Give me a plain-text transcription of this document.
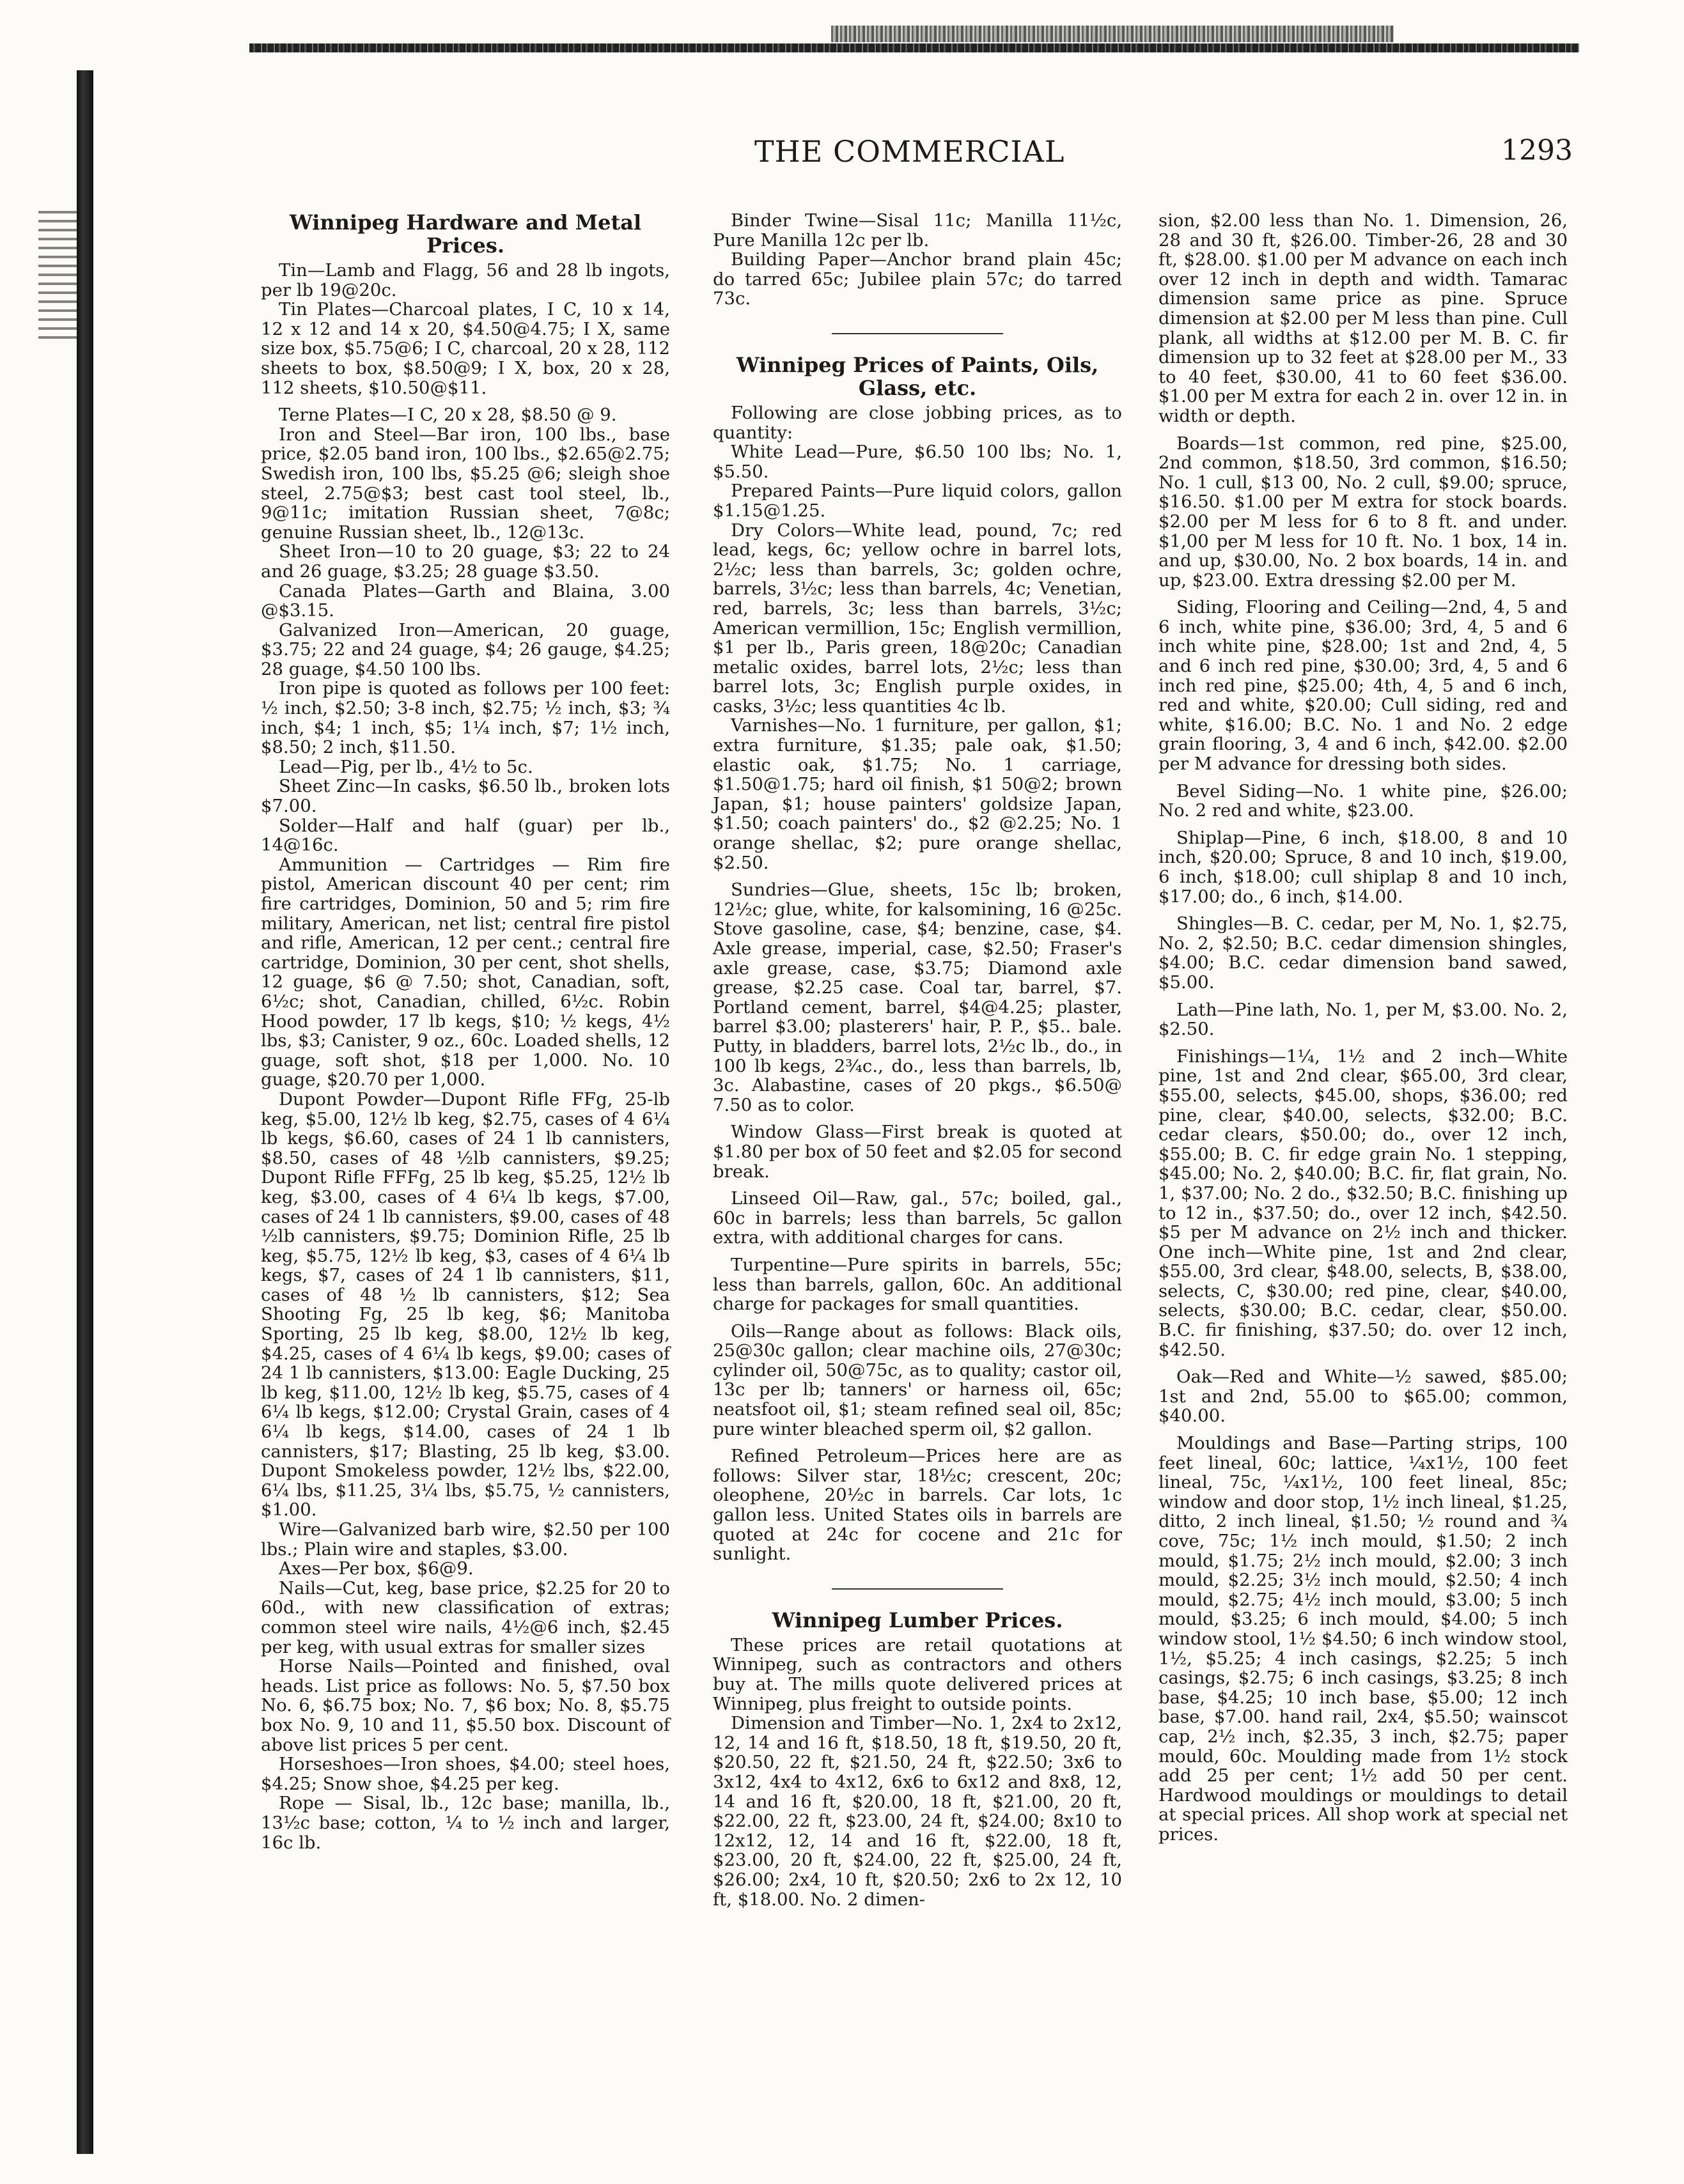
THE COMMERCIAL	1293
Winnipeg Hardware and Metal Prices.

Tin—Lamb and Flagg, 56 and 28 lb ingots, per lb 19@20c.

Tin Plates—Charcoal plates, I C, 10 x 14, 12 x 12 and 14 x 20, $4.50@4.75; I X, same size box, $5.75@6; I C, charcoal, 20 x 28, 112 sheets to box, $8.50@9; I X, box, 20 x 28, 112 sheets, $10.50@$11.

Terne Plates—I C, 20 x 28, $8.50 @ 9.

Iron and Steel—Bar iron, 100 lbs., base price, $2.05 band iron, 100 lbs., $2.65@2.75; Swedish iron, 100 lbs, $5.25 @6; sleigh shoe steel, 2.75@$3; best cast tool steel, lb., 9@11c; imitation Russian sheet, 7@8c; genuine Russian sheet, lb., 12@13c.

Sheet Iron—10 to 20 guage, $3; 22 to 24 and 26 guage, $3.25; 28 guage $3.50.

Canada Plates—Garth and Blaina, 3.00 @$3.15.

Galvanized Iron—American, 20 guage, $3.75; 22 and 24 guage, $4; 26 gauge, $4.25; 28 guage, $4.50 100 lbs.

Iron pipe is quoted as follows per 100 feet: ½ inch, $2.50; 3-8 inch, $2.75; ½ inch, $3; ¾ inch, $4; 1 inch, $5; 1¼ inch, $7; 1½ inch, $8.50; 2 inch, $11.50.

Lead—Pig, per lb., 4½ to 5c.

Sheet Zinc—In casks, $6.50 lb., broken lots $7.00.

Solder—Half and half (guar) per lb., 14@16c.

Ammunition — Cartridges — Rim fire pistol, American discount 40 per cent; rim fire cartridges, Dominion, 50 and 5; rim fire military, American, net list; central fire pistol and rifle, American, 12 per cent.; central fire cartridge, Dominion, 30 per cent, shot shells, 12 guage, $6 @ 7.50; shot, Canadian, soft, 6½c; shot, Canadian, chilled, 6½c. Robin Hood powder, 17 lb kegs, $10; ½ kegs, 4½ lbs, $3; Canister, 9 oz., 60c. Loaded shells, 12 guage, soft shot, $18 per 1,000. No. 10 guage, $20.70 per 1,000.

Dupont Powder—Dupont Rifle FFg, 25-lb keg, $5.00, 12½ lb keg, $2.75, cases of 4 6¼ lb kegs, $6.60, cases of 24 1 lb cannisters, $8.50, cases of 48 ½lb cannisters, $9.25; Dupont Rifle FFFg, 25 lb keg, $5.25, 12½ lb keg, $3.00, cases of 4 6¼ lb kegs, $7.00, cases of 24 1 lb cannisters, $9.00, cases of 48 ½lb cannisters, $9.75; Dominion Rifle, 25 lb keg, $5.75, 12½ lb keg, $3, cases of 4 6¼ lb kegs, $7, cases of 24 1 lb cannisters, $11, cases of 48 ½ lb cannisters, $12; Sea Shooting Fg, 25 lb keg, $6; Manitoba Sporting, 25 lb keg, $8.00, 12½ lb keg, $4.25, cases of 4 6¼ lb kegs, $9.00; cases of 24 1 lb cannisters, $13.00: Eagle Ducking, 25 lb keg, $11.00, 12½ lb keg, $5.75, cases of 4 6¼ lb kegs, $12.00; Crystal Grain, cases of 4 6¼ lb kegs, $14.00, cases of 24 1 lb cannisters, $17; Blasting, 25 lb keg, $3.00. Dupont Smokeless powder, 12½ lbs, $22.00, 6¼ lbs, $11.25, 3¼ lbs, $5.75, ½ cannisters, $1.00.

Wire—Galvanized barb wire, $2.50 per 100 lbs.; Plain wire and staples, $3.00.

Axes—Per box, $6@9.

Nails—Cut, keg, base price, $2.25 for 20 to 60d., with new classification of extras; common steel wire nails, 4½@6 inch, $2.45 per keg, with usual extras for smaller sizes

Horse Nails—Pointed and finished, oval heads. List price as follows: No. 5, $7.50 box No. 6, $6.75 box; No. 7, $6 box; No. 8, $5.75 box No. 9, 10 and 11, $5.50 box. Discount of above list prices 5 per cent.

Horseshoes—Iron shoes, $4.00; steel hoes, $4.25; Snow shoe, $4.25 per keg.

Rope — Sisal, lb., 12c base; manilla, lb., 13½c base; cotton, ¼ to ½ inch and larger, 16c lb.

Binder Twine—Sisal 11c; Manilla 11½c, Pure Manilla 12c per lb.

Building Paper—Anchor brand plain 45c; do tarred 65c; Jubilee plain 57c; do tarred 73c.

Winnipeg Prices of Paints, Oils, Glass, etc.

Following are close jobbing prices, as to quantity:

White Lead—Pure, $6.50 100 lbs; No. 1, $5.50.

Prepared Paints—Pure liquid colors, gallon $1.15@1.25.

Dry Colors—White lead, pound, 7c; red lead, kegs, 6c; yellow ochre in barrel lots, 2½c; less than barrels, 3c; golden ochre, barrels, 3½c; less than barrels, 4c; Venetian, red, barrels, 3c; less than barrels, 3½c; American vermillion, 15c; English vermillion, $1 per lb., Paris green, 18@20c; Canadian metalic oxides, barrel lots, 2½c; less than barrel lots, 3c; English purple oxides, in casks, 3½c; less quantities 4c lb.

Varnishes—No. 1 furniture, per gallon, $1; extra furniture, $1.35; pale oak, $1.50; elastic oak, $1.75; No. 1 carriage, $1.50@1.75; hard oil finish, $1 50@2; brown Japan, $1; house painters' goldsize Japan, $1.50; coach painters' do., $2 @2.25; No. 1 orange shellac, $2; pure orange shellac, $2.50.

Sundries—Glue, sheets, 15c lb; broken, 12½c; glue, white, for kalsomining, 16 @25c. Stove gasoline, case, $4; benzine, case, $4. Axle grease, imperial, case, $2.50; Fraser's axle grease, case, $3.75; Diamond axle grease, $2.25 case. Coal tar, barrel, $7. Portland cement, barrel, $4@4.25; plaster, barrel $3.00; plasterers' hair, P. P., $5.. bale. Putty, in bladders, barrel lots, 2½c lb., do., in 100 lb kegs, 2¾c., do., less than barrels, lb, 3c. Alabastine, cases of 20 pkgs., $6.50@ 7.50 as to color.

Window Glass—First break is quoted at $1.80 per box of 50 feet and $2.05 for second break.

Linseed Oil—Raw, gal., 57c; boiled, gal., 60c in barrels; less than barrels, 5c gallon extra, with additional charges for cans.

Turpentine—Pure spirits in barrels, 55c; less than barrels, gallon, 60c. An additional charge for packages for small quantities.

Oils—Range about as follows: Black oils, 25@30c gallon; clear machine oils, 27@30c; cylinder oil, 50@75c, as to quality; castor oil, 13c per lb; tanners' or harness oil, 65c; neatsfoot oil, $1; steam refined seal oil, 85c; pure winter bleached sperm oil, $2 gallon.

Refined Petroleum—Prices here are as follows: Silver star, 18½c; crescent, 20c; oleophene, 20½c in barrels. Car lots, 1c gallon less. United States oils in barrels are quoted at 24c for cocene and 21c for sunlight.

Winnipeg Lumber Prices.

These prices are retail quotations at Winnipeg, such as contractors and others buy at. The mills quote delivered prices at Winnipeg, plus freight to outside points.

Dimension and Timber—No. 1, 2x4 to 2x12, 12, 14 and 16 ft, $18.50, 18 ft, $19.50, 20 ft, $20.50, 22 ft, $21.50, 24 ft, $22.50; 3x6 to 3x12, 4x4 to 4x12, 6x6 to 6x12 and 8x8, 12, 14 and 16 ft, $20.00, 18 ft, $21.00, 20 ft, $22.00, 22 ft, $23.00, 24 ft, $24.00; 8x10 to 12x12, 12, 14 and 16 ft, $22.00, 18 ft, $23.00, 20 ft, $24.00, 22 ft, $25.00, 24 ft, $26.00; 2x4, 10 ft, $20.50; 2x6 to 2x 12, 10 ft, $18.00. No. 2 dimen-

sion, $2.00 less than No. 1. Dimension, 26, 28 and 30 ft, $26.00. Timber-26, 28 and 30 ft, $28.00. $1.00 per M advance on each inch over 12 inch in depth and width. Tamarac dimension same price as pine. Spruce dimension at $2.00 per M less than pine. Cull plank, all widths at $12.00 per M. B. C. fir dimension up to 32 feet at $28.00 per M., 33 to 40 feet, $30.00, 41 to 60 feet $36.00. $1.00 per M extra for each 2 in. over 12 in. in width or depth.

Boards—1st common, red pine, $25.00, 2nd common, $18.50, 3rd common, $16.50; No. 1 cull, $13 00, No. 2 cull, $9.00; spruce, $16.50. $1.00 per M extra for stock boards. $2.00 per M less for 6 to 8 ft. and under. $1,00 per M less for 10 ft. No. 1 box, 14 in. and up, $30.00, No. 2 box boards, 14 in. and up, $23.00. Extra dressing $2.00 per M.

Siding, Flooring and Ceiling—2nd, 4, 5 and 6 inch, white pine, $36.00; 3rd, 4, 5 and 6 inch white pine, $28.00; 1st and 2nd, 4, 5 and 6 inch red pine, $30.00; 3rd, 4, 5 and 6 inch red pine, $25.00; 4th, 4, 5 and 6 inch, red and white, $20.00; Cull siding, red and white, $16.00; B.C. No. 1 and No. 2 edge grain flooring, 3, 4 and 6 inch, $42.00. $2.00 per M advance for dressing both sides.

Bevel Siding—No. 1 white pine, $26.00; No. 2 red and white, $23.00.

Shiplap—Pine, 6 inch, $18.00, 8 and 10 inch, $20.00; Spruce, 8 and 10 inch, $19.00, 6 inch, $18.00; cull shiplap 8 and 10 inch, $17.00; do., 6 inch, $14.00.

Shingles—B. C. cedar, per M, No. 1, $2.75, No. 2, $2.50; B.C. cedar dimension shingles, $4.00; B.C. cedar dimension band sawed, $5.00.

Lath—Pine lath, No. 1, per M, $3.00. No. 2, $2.50.

Finishings—1¼, 1½ and 2 inch—White pine, 1st and 2nd clear, $65.00, 3rd clear, $55.00, selects, $45.00, shops, $36.00; red pine, clear, $40.00, selects, $32.00; B.C. cedar clears, $50.00; do., over 12 inch, $55.00; B. C. fir edge grain No. 1 stepping, $45.00; No. 2, $40.00; B.C. fir, flat grain, No. 1, $37.00; No. 2 do., $32.50; B.C. finishing up to 12 in., $37.50; do., over 12 inch, $42.50. $5 per M advance on 2½ inch and thicker. One inch—White pine, 1st and 2nd clear, $55.00, 3rd clear, $48.00, selects, B, $38.00, selects, C, $30.00; red pine, clear, $40.00, selects, $30.00; B.C. cedar, clear, $50.00. B.C. fir finishing, $37.50; do. over 12 inch, $42.50.

Oak—Red and White—½ sawed, $85.00; 1st and 2nd, 55.00 to $65.00; common, $40.00.

Mouldings and Base—Parting strips, 100 feet lineal, 60c; lattice, ¼x1½, 100 feet lineal, 75c, ¼x1½, 100 feet lineal, 85c; window and door stop, 1½ inch lineal, $1.25, ditto, 2 inch lineal, $1.50; ½ round and ¾ cove, 75c; 1½ inch mould, $1.50; 2 inch mould, $1.75; 2½ inch mould, $2.00; 3 inch mould, $2.25; 3½ inch mould, $2.50; 4 inch mould, $2.75; 4½ inch mould, $3.00; 5 inch mould, $3.25; 6 inch mould, $4.00; 5 inch window stool, 1½ $4.50; 6 inch window stool, 1½, $5.25; 4 inch casings, $2.25; 5 inch casings, $2.75; 6 inch casings, $3.25; 8 inch base, $4.25; 10 inch base, $5.00; 12 inch base, $7.00. hand rail, 2x4, $5.50; wainscot cap, 2½ inch, $2.35, 3 inch, $2.75; paper mould, 60c. Moulding made from 1½ stock add 25 per cent; 1½ add 50 per cent. Hardwood mouldings or mouldings to detail at special prices. All shop work at special net prices.
